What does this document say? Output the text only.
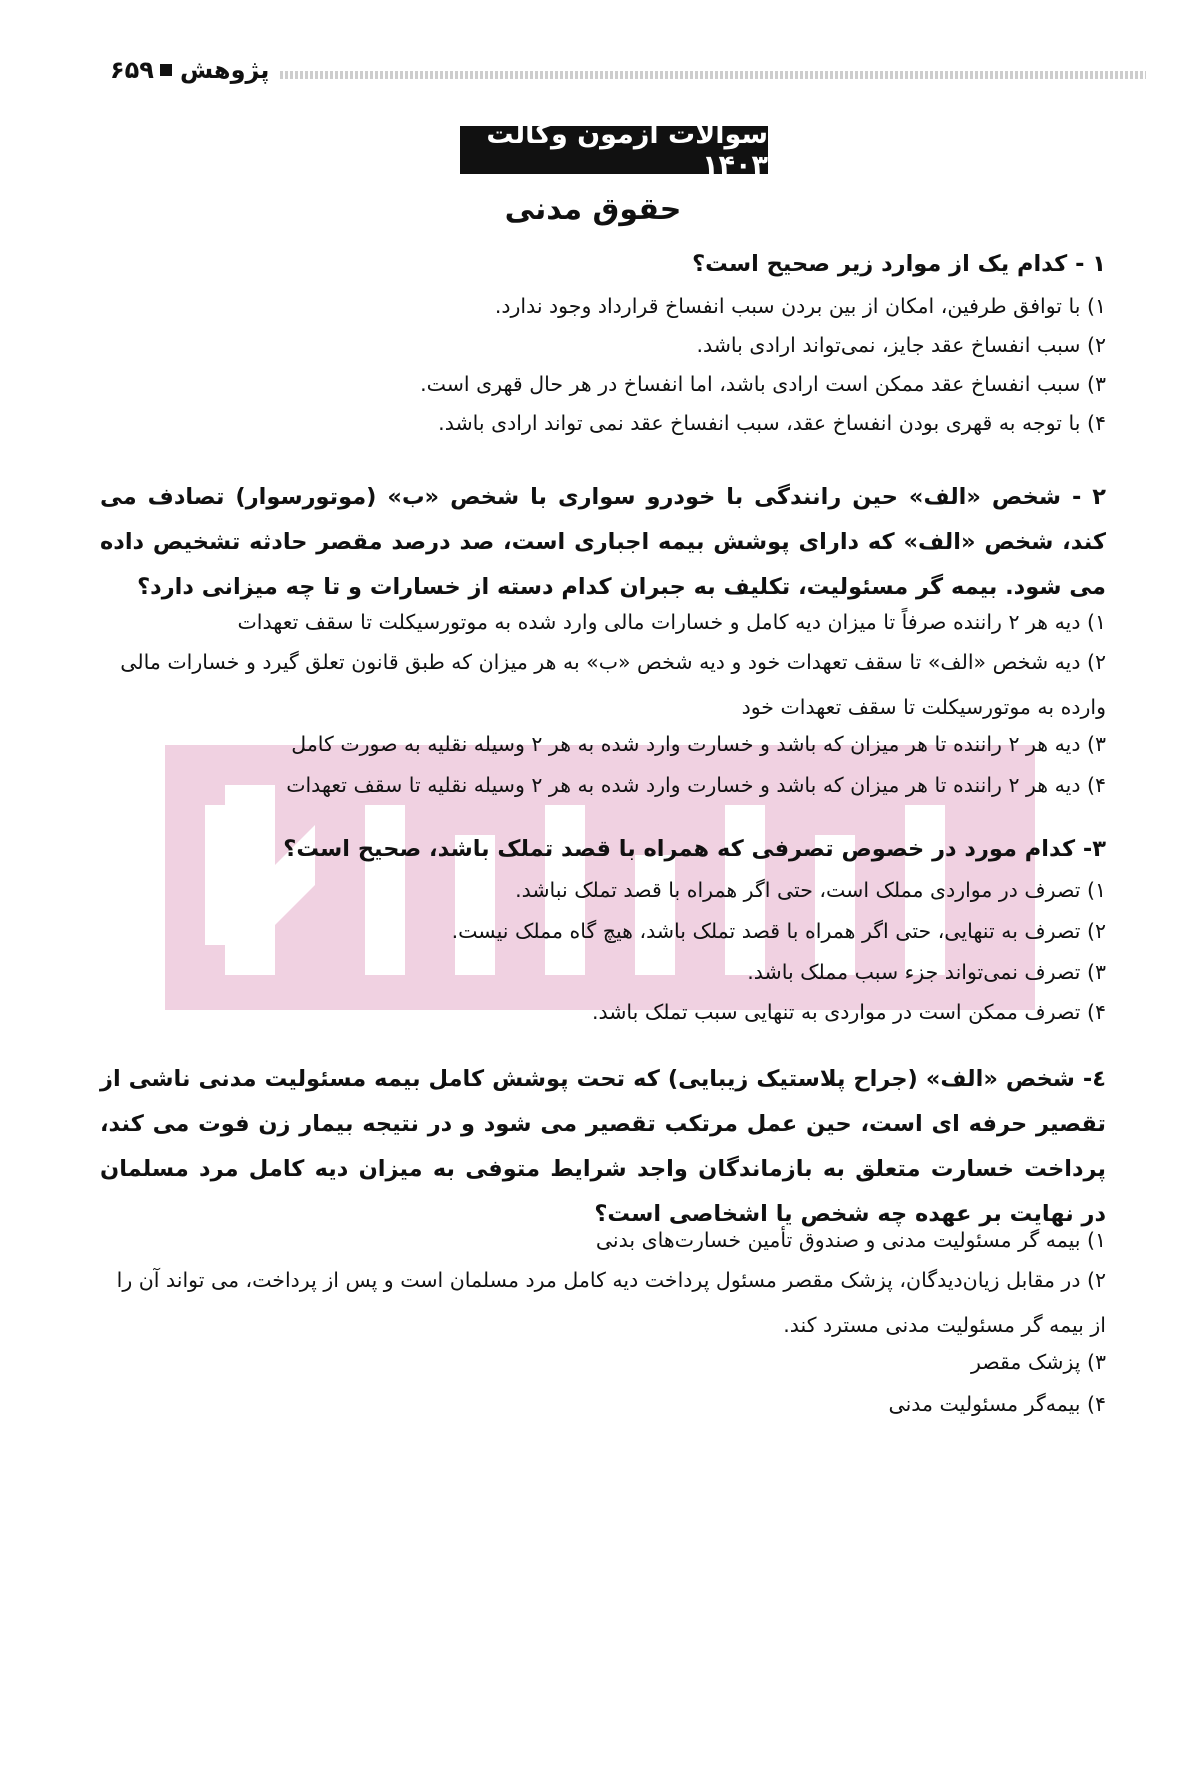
۶۵۹ پژوهش
سوالات آزمون وکالت ۱۴۰۳
حقوق مدنی
۱ - کدام یک از موارد زیر صحیح است؟
۱) با توافق طرفین، امکان از بین بردن سبب انفساخ قرارداد وجود ندارد.
۲) سبب انفساخ عقد جایز، نمی‌تواند ارادی باشد.
۳) سبب انفساخ عقد ممکن است ارادی باشد، اما انفساخ در هر حال قهری است.
۴) با توجه به قهری بودن انفساخ عقد، سبب انفساخ عقد نمی تواند ارادی باشد.
۲ - شخص «الف» حین رانندگی با خودرو سواری با شخص «ب» (موتورسوار) تصادف می کند، شخص «الف» که دارای پوشش بیمه اجباری است، صد درصد مقصر حادثه تشخیص داده می شود. بیمه گر مسئولیت، تکلیف به جبران کدام دسته از خسارات و تا چه میزانی دارد؟
۱) دیه هر ۲ راننده صرفاً تا میزان دیه کامل و خسارات مالی وارد شده به موتورسیکلت تا سقف تعهدات
۲) دیه شخص «الف» تا سقف تعهدات خود و دیه شخص «ب» به هر میزان که طبق قانون تعلق گیرد و خسارات مالی وارده به موتورسیکلت تا سقف تعهدات خود
۳) دیه هر ۲ راننده تا هر میزان که باشد و خسارت وارد شده به هر ۲ وسیله نقلیه به صورت کامل
۴) دیه هر ۲ راننده تا هر میزان که باشد و خسارت وارد شده به هر ۲ وسیله نقلیه تا سقف تعهدات
۳- کدام مورد در خصوص تصرفی که همراه با قصد تملک باشد، صحیح است؟
۱) تصرف در مواردی مملک است، حتی اگر همراه با قصد تملک نباشد.
۲) تصرف به تنهایی، حتی اگر همراه با قصد تملک باشد، هیچ گاه مملک نیست.
۳) تصرف نمی‌تواند جزء سبب مملک باشد.
۴) تصرف ممکن است در مواردی به تنهایی سبب تملک باشد.
٤- شخص «الف» (جراح پلاستیک زیبایی) که تحت پوشش کامل بیمه مسئولیت مدنی ناشی از تقصیر حرفه ای است، حین عمل مرتکب تقصیر می شود و در نتیجه بیمار زن فوت می کند، پرداخت خسارت متعلق به بازماندگان واجد شرایط متوفی به میزان دیه کامل مرد مسلمان در نهایت بر عهده چه شخص یا اشخاصی است؟
۱) بیمه گر مسئولیت مدنی و صندوق تأمین خسارت‌های بدنی
۲) در مقابل زیان‌دیدگان، پزشک مقصر مسئول پرداخت دیه کامل مرد مسلمان است و پس از پرداخت، می تواند آن را از بیمه گر مسئولیت مدنی مسترد کند.
۳) پزشک مقصر
۴) بیمه‌گر مسئولیت مدنی
